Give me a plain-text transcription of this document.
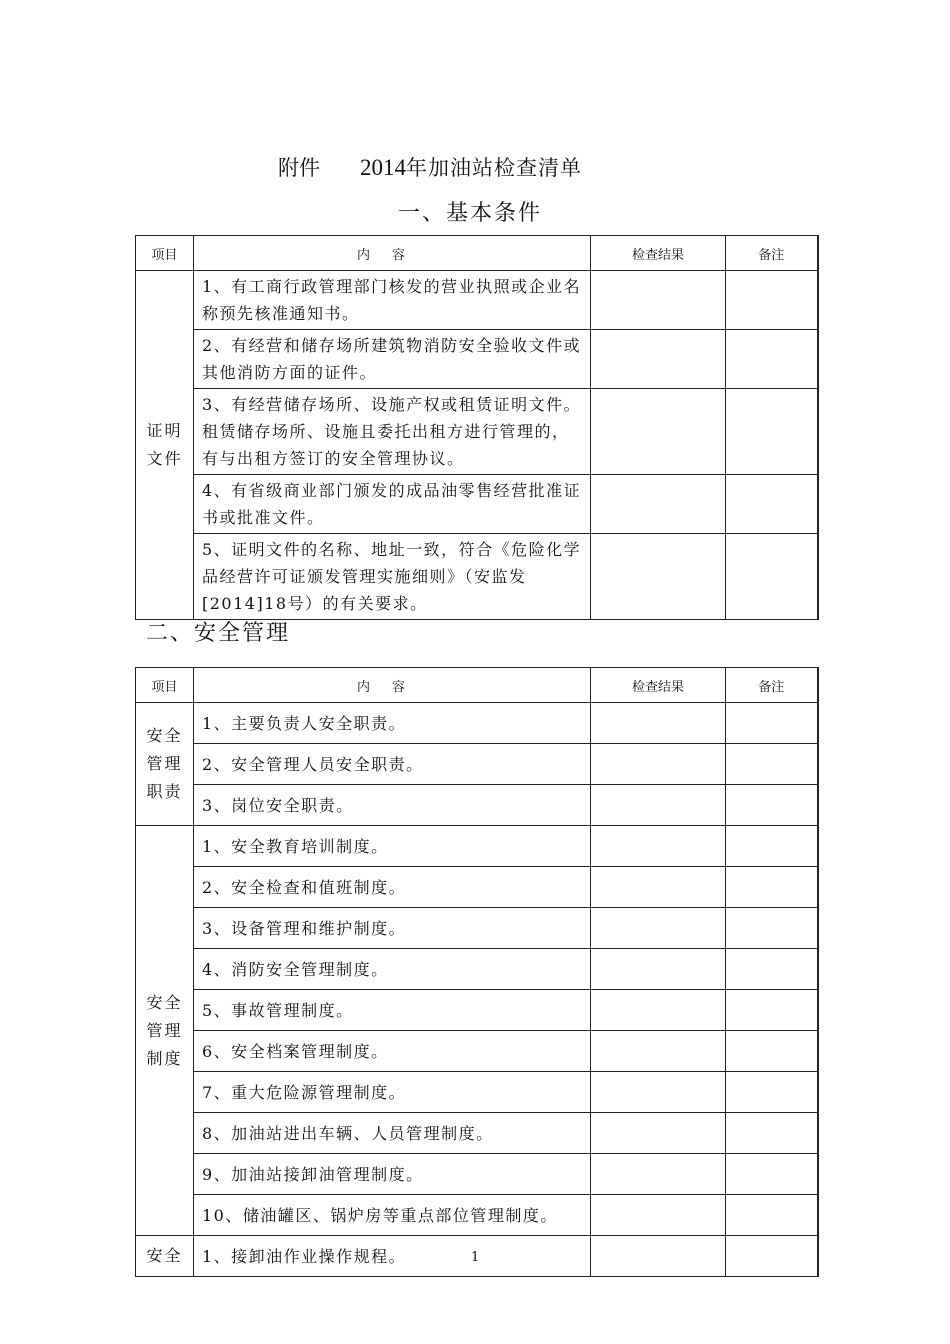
附件 2014年加油站检查清单
一、基本条件
项目	内容	检查结果	备注
证明文件	1、有工商行政管理部门核发的营业执照或企业名称预先核准通知书。		
	2、有经营和储存场所建筑物消防安全验收文件或其他消防方面的证件。		
	3、有经营储存场所、设施产权或租赁证明文件。租赁储存场所、设施且委托出租方进行管理的，有与出租方签订的安全管理协议。		
	4、有省级商业部门颁发的成品油零售经营批准证书或批准文件。		
	5、证明文件的名称、地址一致，符合《危险化学品经营许可证颁发管理实施细则》（安监发[2014]18号）的有关要求。		
二、安全管理
项目	内容	检查结果	备注
安全管理职责	1、主要负责人安全职责。		
	2、安全管理人员安全职责。		
	3、岗位安全职责。		
安全管理制度	1、安全教育培训制度。		
	2、安全检查和值班制度。		
	3、设备管理和维护制度。		
	4、消防安全管理制度。		
	5、事故管理制度。		
	6、安全档案管理制度。		
	7、重大危险源管理制度。		
	8、加油站进出车辆、人员管理制度。		
	9、加油站接卸油管理制度。		
	10、储油罐区、锅炉房等重点部位管理制度。		
安全	1、接卸油作业操作规程。			1
